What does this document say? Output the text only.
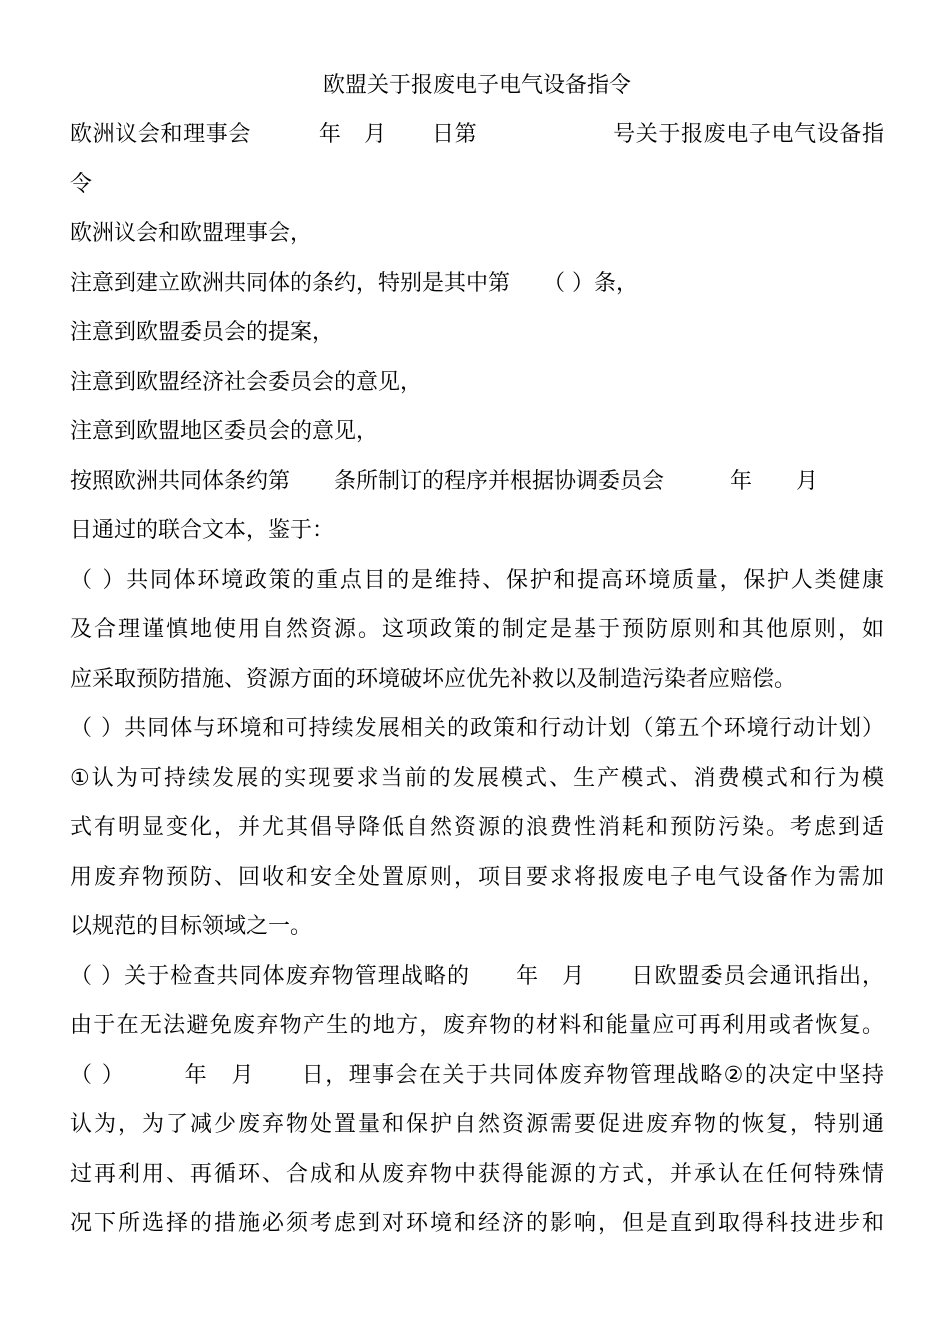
欧盟关于报废电子电气设备指令
欧洲议会和理事会　　　年　月　　日第　　　　　　号关于报废电子电气设备指
令
欧洲议会和欧盟理事会，
注意到建立欧洲共同体的条约，特别是其中第　　（ ）条，
注意到欧盟委员会的提案，
注意到欧盟经济社会委员会的意见，
注意到欧盟地区委员会的意见，
按照欧洲共同体条约第　　条所制订的程序并根据协调委员会　　　年　　月
日通过的联合文本，鉴于：
（ ）共同体环境政策的重点目的是维持、保护和提高环境质量，保护人类健康
及合理谨慎地使用自然资源。这项政策的制定是基于预防原则和其他原则，如
应采取预防措施、资源方面的环境破坏应优先补救以及制造污染者应赔偿。
（ ）共同体与环境和可持续发展相关的政策和行动计划（第五个环境行动计划）
①认为可持续发展的实现要求当前的发展模式、生产模式、消费模式和行为模
式有明显变化，并尤其倡导降低自然资源的浪费性消耗和预防污染。考虑到适
用废弃物预防、回收和安全处置原则，项目要求将报废电子电气设备作为需加
以规范的目标领域之一。
（ ）关于检查共同体废弃物管理战略的　　年　月　　日欧盟委员会通讯指出，
由于在无法避免废弃物产生的地方，废弃物的材料和能量应可再利用或者恢复。
（ ）　　　年　月　　日，理事会在关于共同体废弃物管理战略②的决定中坚持
认为，为了减少废弃物处置量和保护自然资源需要促进废弃物的恢复，特别通
过再利用、再循环、合成和从废弃物中获得能源的方式，并承认在任何特殊情
况下所选择的措施必须考虑到对环境和经济的影响，但是直到取得科技进步和
